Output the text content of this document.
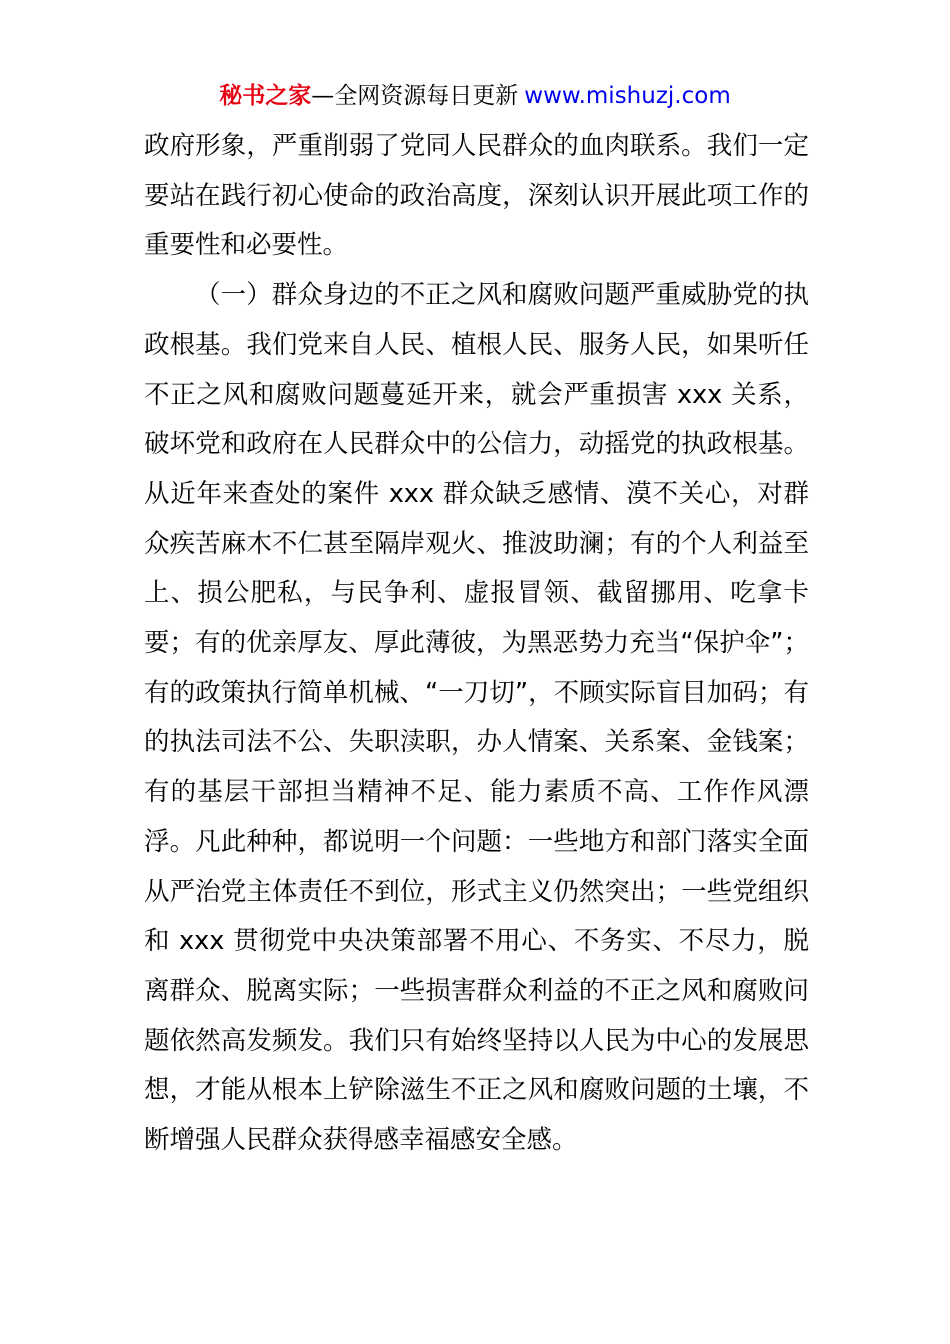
秘书之家—全网资源每日更新 www.mishuzj.com

政府形象，严重削弱了党同人民群众的血肉联系。我们一定要站在践行初心使命的政治高度，深刻认识开展此项工作的重要性和必要性。

（一）群众身边的不正之风和腐败问题严重威胁党的执政根基。我们党来自人民、植根人民、服务人民，如果听任不正之风和腐败问题蔓延开来，就会严重损害 xxx 关系，破坏党和政府在人民群众中的公信力，动摇党的执政根基。从近年来查处的案件 xxx 群众缺乏感情、漠不关心，对群众疾苦麻木不仁甚至隔岸观火、推波助澜；有的个人利益至上、损公肥私，与民争利、虚报冒领、截留挪用、吃拿卡要；有的优亲厚友、厚此薄彼，为黑恶势力充当“保护伞”；有的政策执行简单机械、“一刀切”，不顾实际盲目加码；有的执法司法不公、失职渎职，办人情案、关系案、金钱案；有的基层干部担当精神不足、能力素质不高、工作作风漂浮。凡此种种，都说明一个问题：一些地方和部门落实全面从严治党主体责任不到位，形式主义仍然突出；一些党组织和 xxx 贯彻党中央决策部署不用心、不务实、不尽力，脱离群众、脱离实际；一些损害群众利益的不正之风和腐败问题依然高发频发。我们只有始终坚持以人民为中心的发展思想，才能从根本上铲除滋生不正之风和腐败问题的土壤，不断增强人民群众获得感幸福感安全感。
